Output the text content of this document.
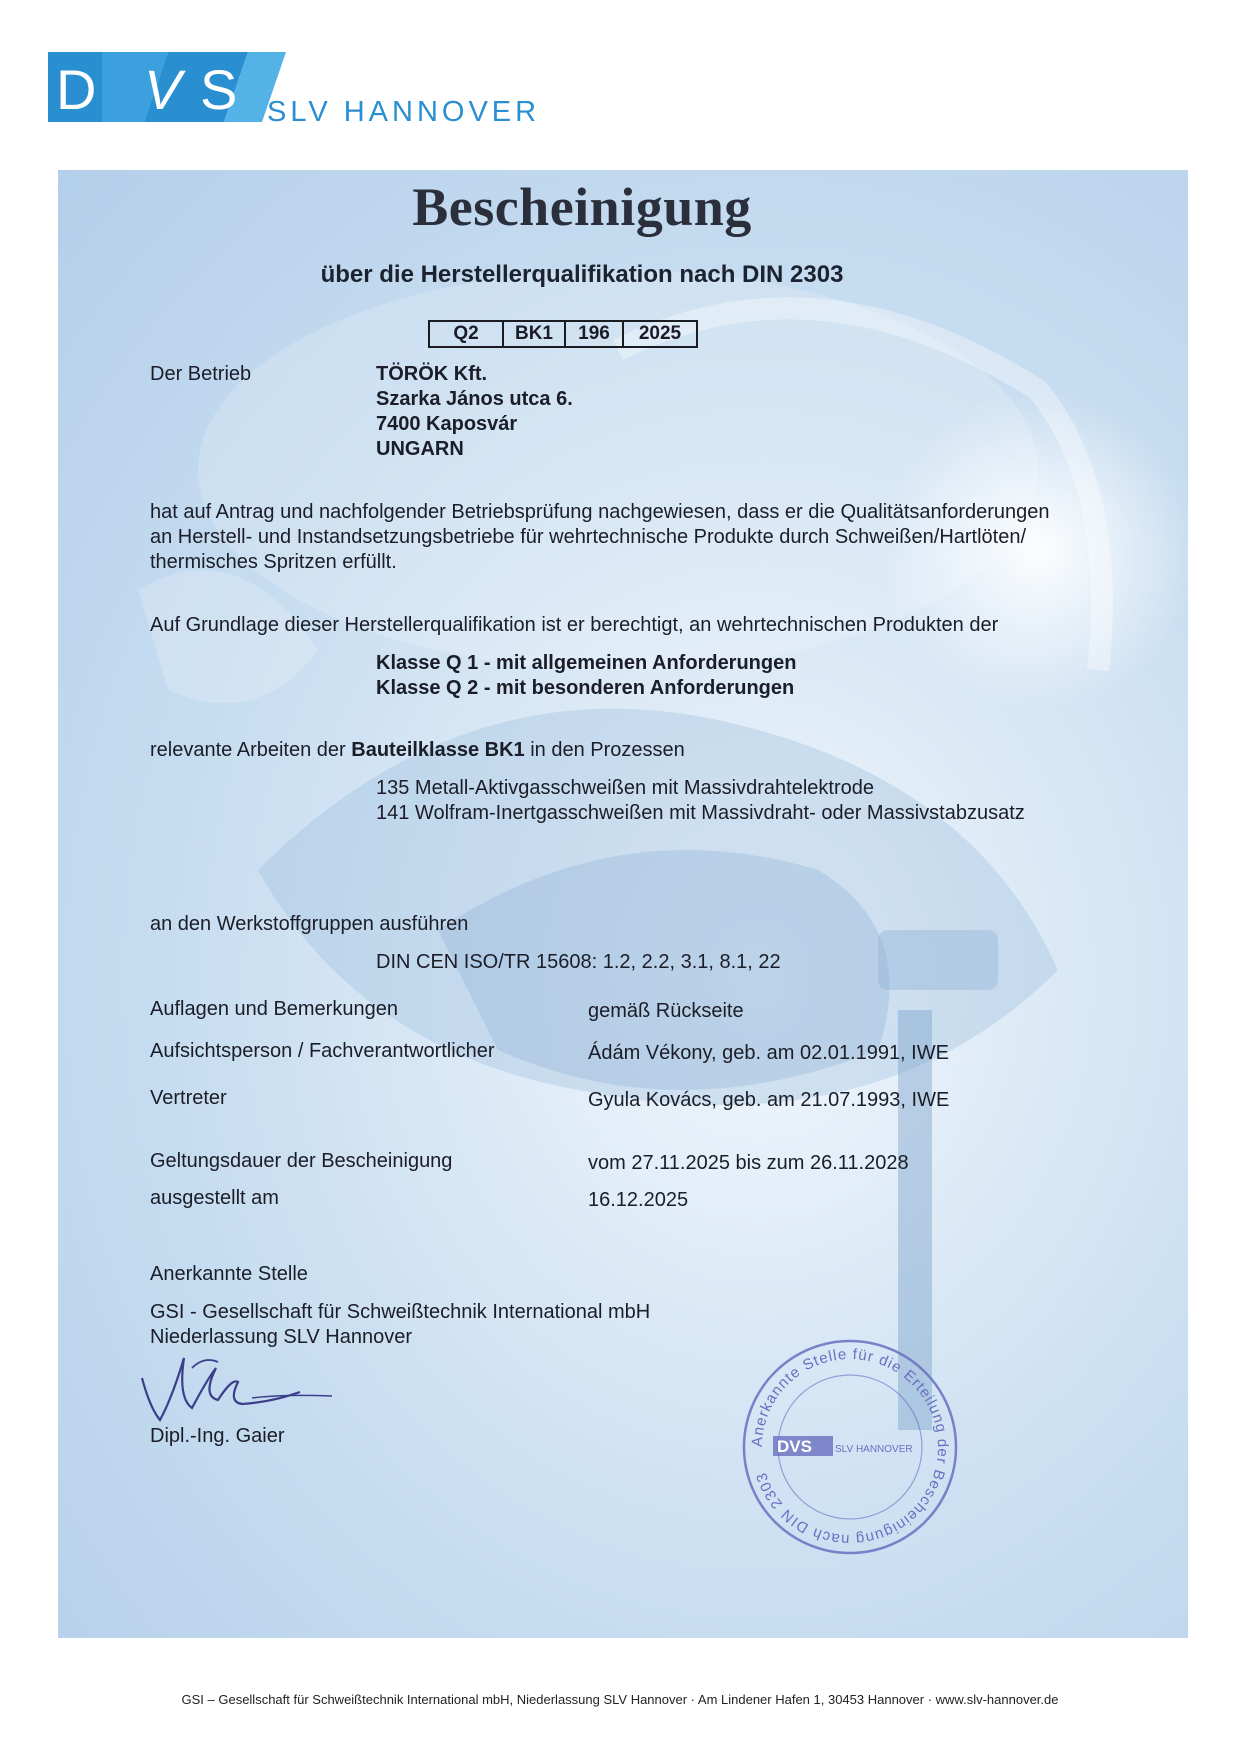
D V S SLV HANNOVER
Bescheinigung
über die Herstellerqualifikation nach DIN 2303
Q2	BK1	196	2025
Der Betrieb	TÖRÖK Kft.
Szarka János utca 6.
7400 Kaposvár
UNGARN
hat auf Antrag und nachfolgender Betriebsprüfung nachgewiesen, dass er die Qualitätsanforderungen
an Herstell- und Instandsetzungsbetriebe für wehrtechnische Produkte durch Schweißen/Hartlöten/
thermisches Spritzen erfüllt.
Auf Grundlage dieser Herstellerqualifikation ist er berechtigt, an wehrtechnischen Produkten der
Klasse Q 1 - mit allgemeinen Anforderungen
Klasse Q 2 - mit besonderen Anforderungen
relevante Arbeiten der Bauteilklasse BK1 in den Prozessen
135 Metall-Aktivgasschweißen mit Massivdrahtelektrode
141 Wolfram-Inertgasschweißen mit Massivdraht- oder Massivstabzusatz
an den Werkstoffgruppen ausführen
DIN CEN ISO/TR 15608: 1.2, 2.2, 3.1, 8.1, 22
Auflagen und Bemerkungen	gemäß Rückseite
Aufsichtsperson / Fachverantwortlicher	Ádám Vékony, geb. am 02.01.1991, IWE
Vertreter	Gyula Kovács, geb. am 21.07.1993, IWE
Geltungsdauer der Bescheinigung	vom 27.11.2025 bis zum 26.11.2028
ausgestellt am	16.12.2025
Anerkannte Stelle
GSI - Gesellschaft für Schweißtechnik International mbH
Niederlassung SLV Hannover
Dipl.-Ing. Gaier	Anerkannte Stelle für die Erteilung der Bescheinigung nach DIN 2303
DVS SLV HANNOVER
GSI – Gesellschaft für Schweißtechnik International mbH, Niederlassung SLV Hannover · Am Lindener Hafen 1, 30453 Hannover · www.slv-hannover.de
